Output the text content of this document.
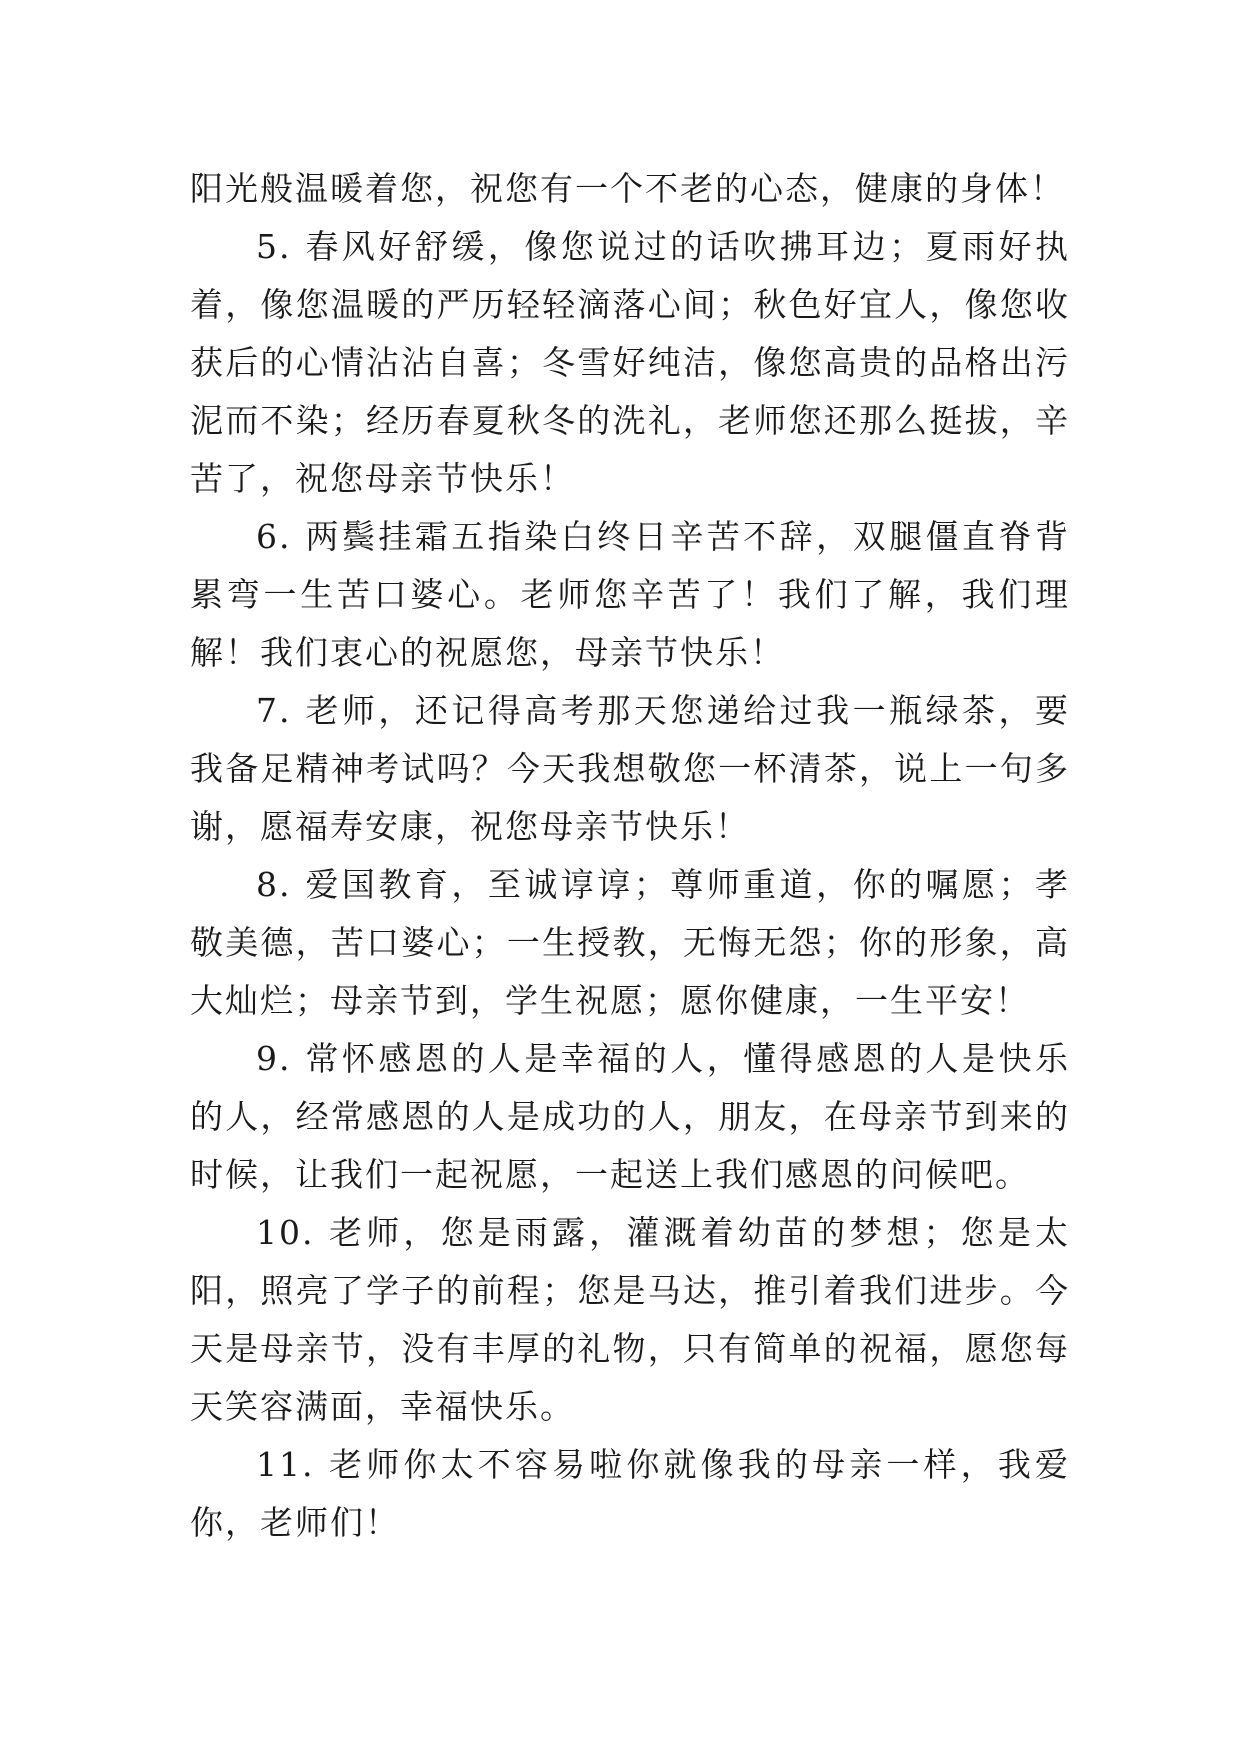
阳光般温暖着您，祝您有一个不老的心态，健康的身体！

5. 春风好舒缓，像您说过的话吹拂耳边；夏雨好执着，像您温暖的严历轻轻滴落心间；秋色好宜人，像您收获后的心情沾沾自喜；冬雪好纯洁，像您高贵的品格出污泥而不染；经历春夏秋冬的洗礼，老师您还那么挺拔，辛苦了，祝您母亲节快乐！

6. 两鬓挂霜五指染白终日辛苦不辞，双腿僵直脊背累弯一生苦口婆心。老师您辛苦了！我们了解，我们理解！我们衷心的祝愿您，母亲节快乐！

7. 老师，还记得高考那天您递给过我一瓶绿茶，要我备足精神考试吗？今天我想敬您一杯清茶，说上一句多谢，愿福寿安康，祝您母亲节快乐！

8. 爱国教育，至诚谆谆；尊师重道，你的嘱愿；孝敬美德，苦口婆心；一生授教，无悔无怨；你的形象，高大灿烂；母亲节到，学生祝愿；愿你健康，一生平安！

9. 常怀感恩的人是幸福的人，懂得感恩的人是快乐的人，经常感恩的人是成功的人，朋友，在母亲节到来的时候，让我们一起祝愿，一起送上我们感恩的问候吧。

10. 老师，您是雨露，灌溉着幼苗的梦想；您是太阳，照亮了学子的前程；您是马达，推引着我们进步。今天是母亲节，没有丰厚的礼物，只有简单的祝福，愿您每天笑容满面，幸福快乐。

11. 老师你太不容易啦你就像我的母亲一样，我爱你，老师们！
